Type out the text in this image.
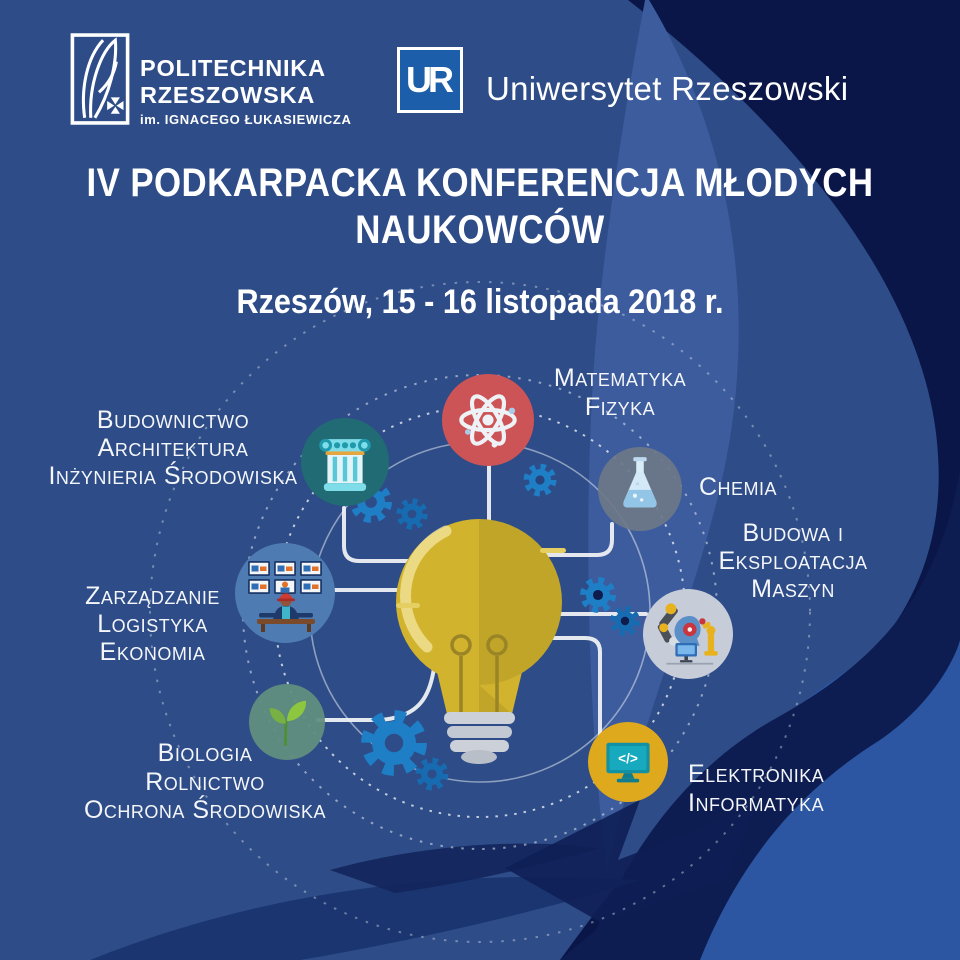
POLITECHNIKA
RZESZOWSKA
im. IGNACEGO ŁUKASIEWICZA
UR Uniwersytet Rzeszowski
IV PODKARPACKA KONFERENCJA MŁODYCH
NAUKOWCÓW
Rzeszów, 15 - 16 listopada 2018 r.
</>
Matematyka
Fizyka
Chemia
Budowa i
Eksploatacja
Maszyn
Elektronika
Informatyka
Biologia
Rolnictwo
Ochrona Środowiska
Zarządzanie
Logistyka
Ekonomia
Budownictwo
Architektura
Inżynieria Środowiska
